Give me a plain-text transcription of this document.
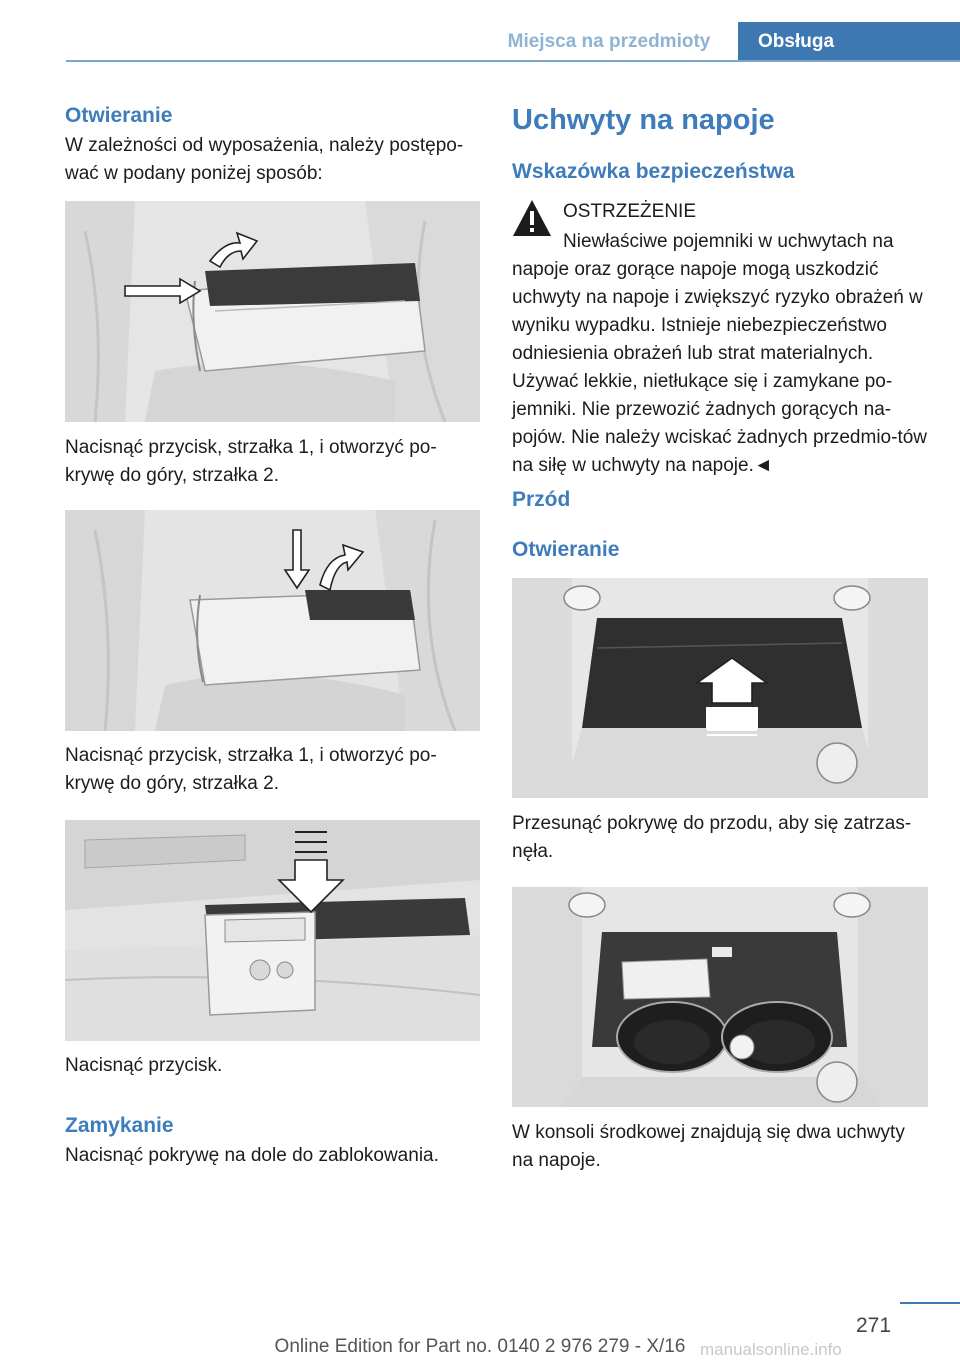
Miejsca na przedmioty	Obsługa
Otwieranie
W zależności od wyposażenia, należy postępo-wać w podany poniżej sposób:
Nacisnąć przycisk, strzałka 1, i otworzyć po-krywę do góry, strzałka 2.
Nacisnąć przycisk, strzałka 1, i otworzyć po-krywę do góry, strzałka 2.
Nacisnąć przycisk.
Zamykanie
Nacisnąć pokrywę na dole do zablokowania.
Uchwyty na napoje
Wskazówka bezpieczeństwa
OSTRZEŻENIE
Niewłaściwe pojemniki w uchwytach na
napoje oraz gorące napoje mogą uszkodzić uchwyty na napoje i zwiększyć ryzyko obrażeń w wyniku wypadku. Istnieje niebezpieczeństwo odniesienia obrażeń lub strat materialnych. Używać lekkie, nietłukące się i zamykane po-jemniki. Nie przewozić żadnych gorących na-pojów. Nie należy wciskać żadnych przedmio-tów na siłę w uchwyty na napoje.◄
Przód
Otwieranie
Przesunąć pokrywę do przodu, aby się zatrzas-nęła.
W konsoli środkowej znajdują się dwa uchwyty na napoje.
271
Online Edition for Part no. 0140 2 976 279 - X/16 manualsonline.info
